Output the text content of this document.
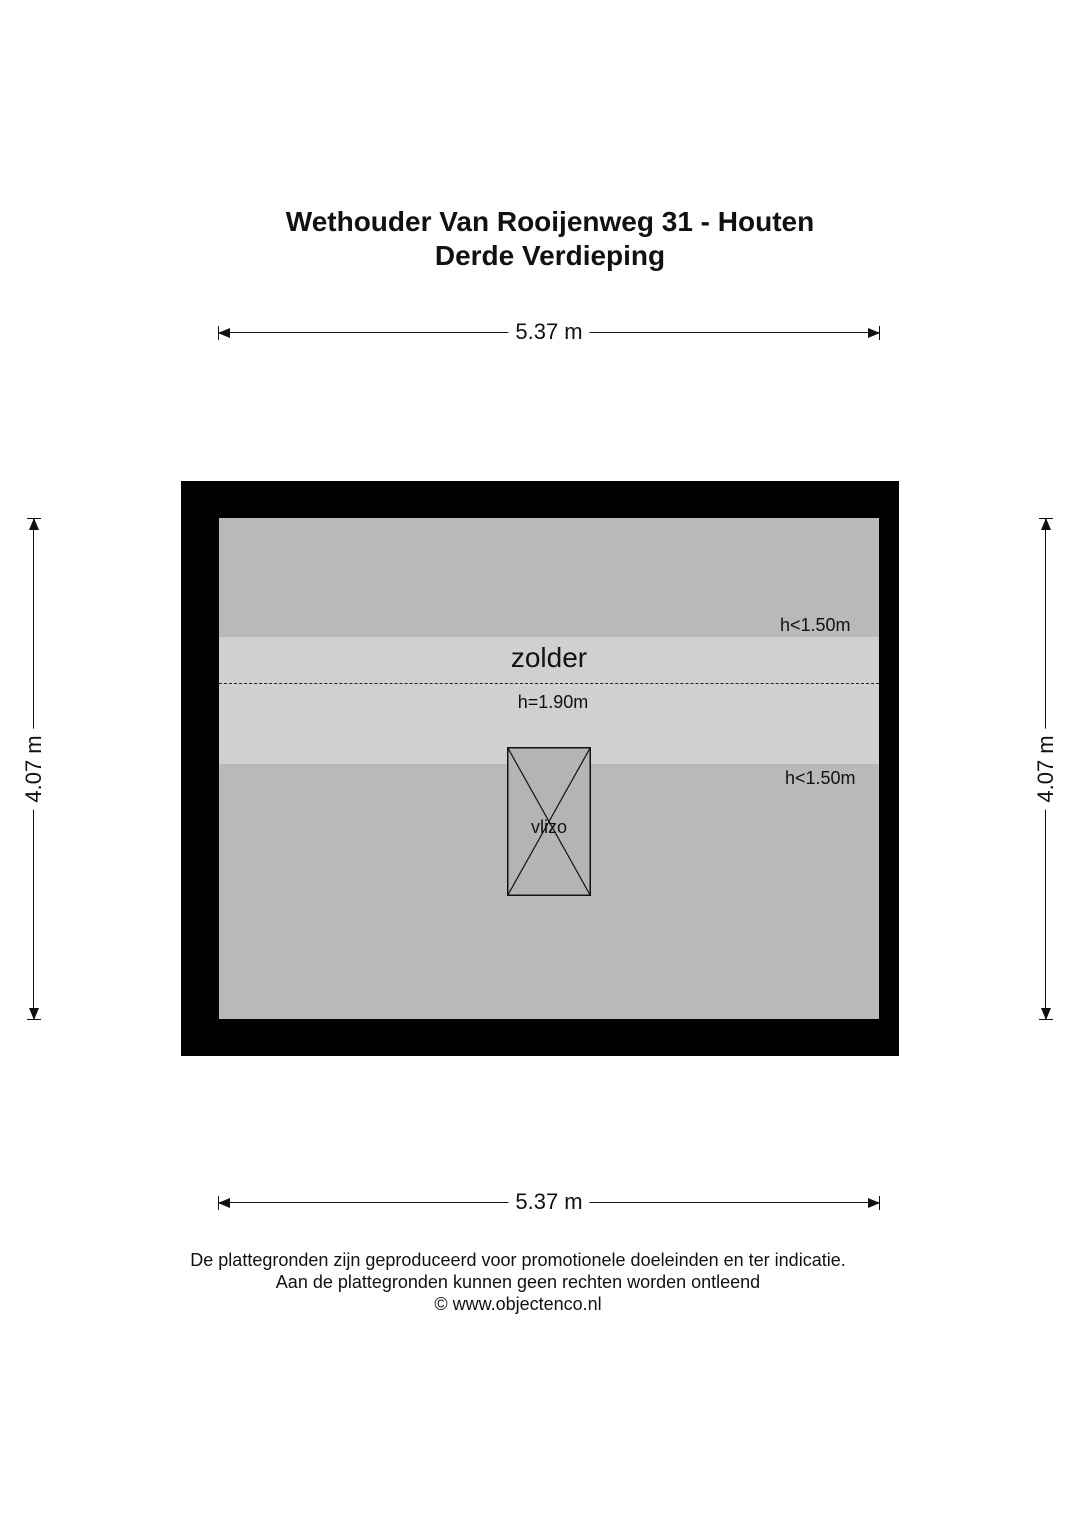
Wethouder Van Rooijenweg 31 - Houten
Derde Verdieping
5.37 m
4.07 m	4.07 m
zolder
h=1.90m
h<1.50m
h<1.50m
vlizo
5.37 m
De plattegronden zijn geproduceerd voor promotionele doeleinden en ter indicatie.
Aan de plattegronden kunnen geen rechten worden ontleend
© www.objectenco.nl
